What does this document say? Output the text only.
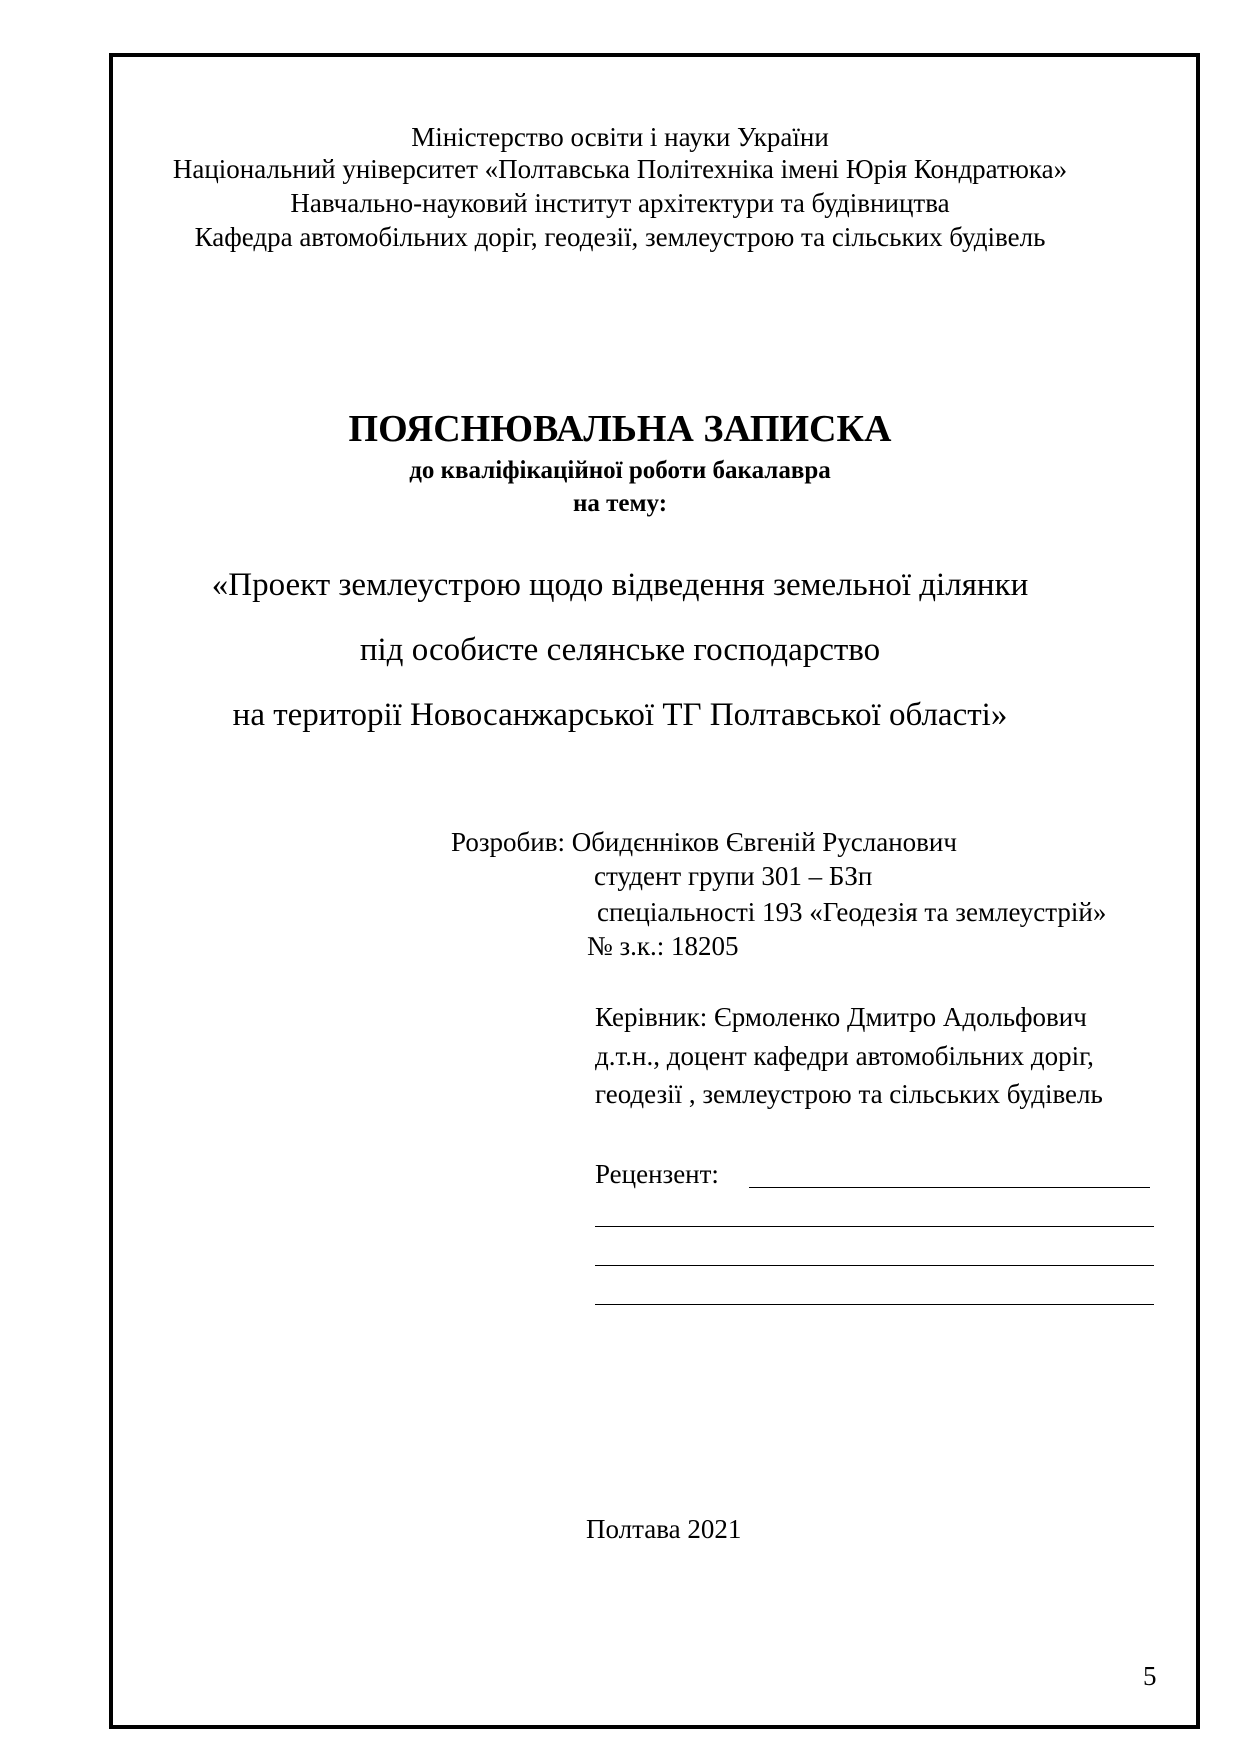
Міністерство освіти і науки України
Національний університет «Полтавська Політехніка імені Юрія Кондратюка»
Навчально-науковий інститут архітектури та будівництва
Кафедра автомобільних доріг, геодезії, землеустрою та сільських будівель
ПОЯСНЮВАЛЬНА ЗАПИСКА
до кваліфікаційної роботи бакалавра
на тему:
«Проект землеустрою щодо відведення земельної ділянки
під особисте селянське господарство
на території Новосанжарської ТГ Полтавської області»
Розробив: Обидєнніков Євгеній Русланович
студент групи 301 – БЗп
спеціальності 193 «Геодезія та землеустрій»
№ з.к.: 18205
Керівник: Єрмоленко Дмитро Адольфович
д.т.н., доцент кафедри автомобільних доріг,
геодезії , землеустрою та сільських будівель
Рецензент:
Полтава 2021
5
